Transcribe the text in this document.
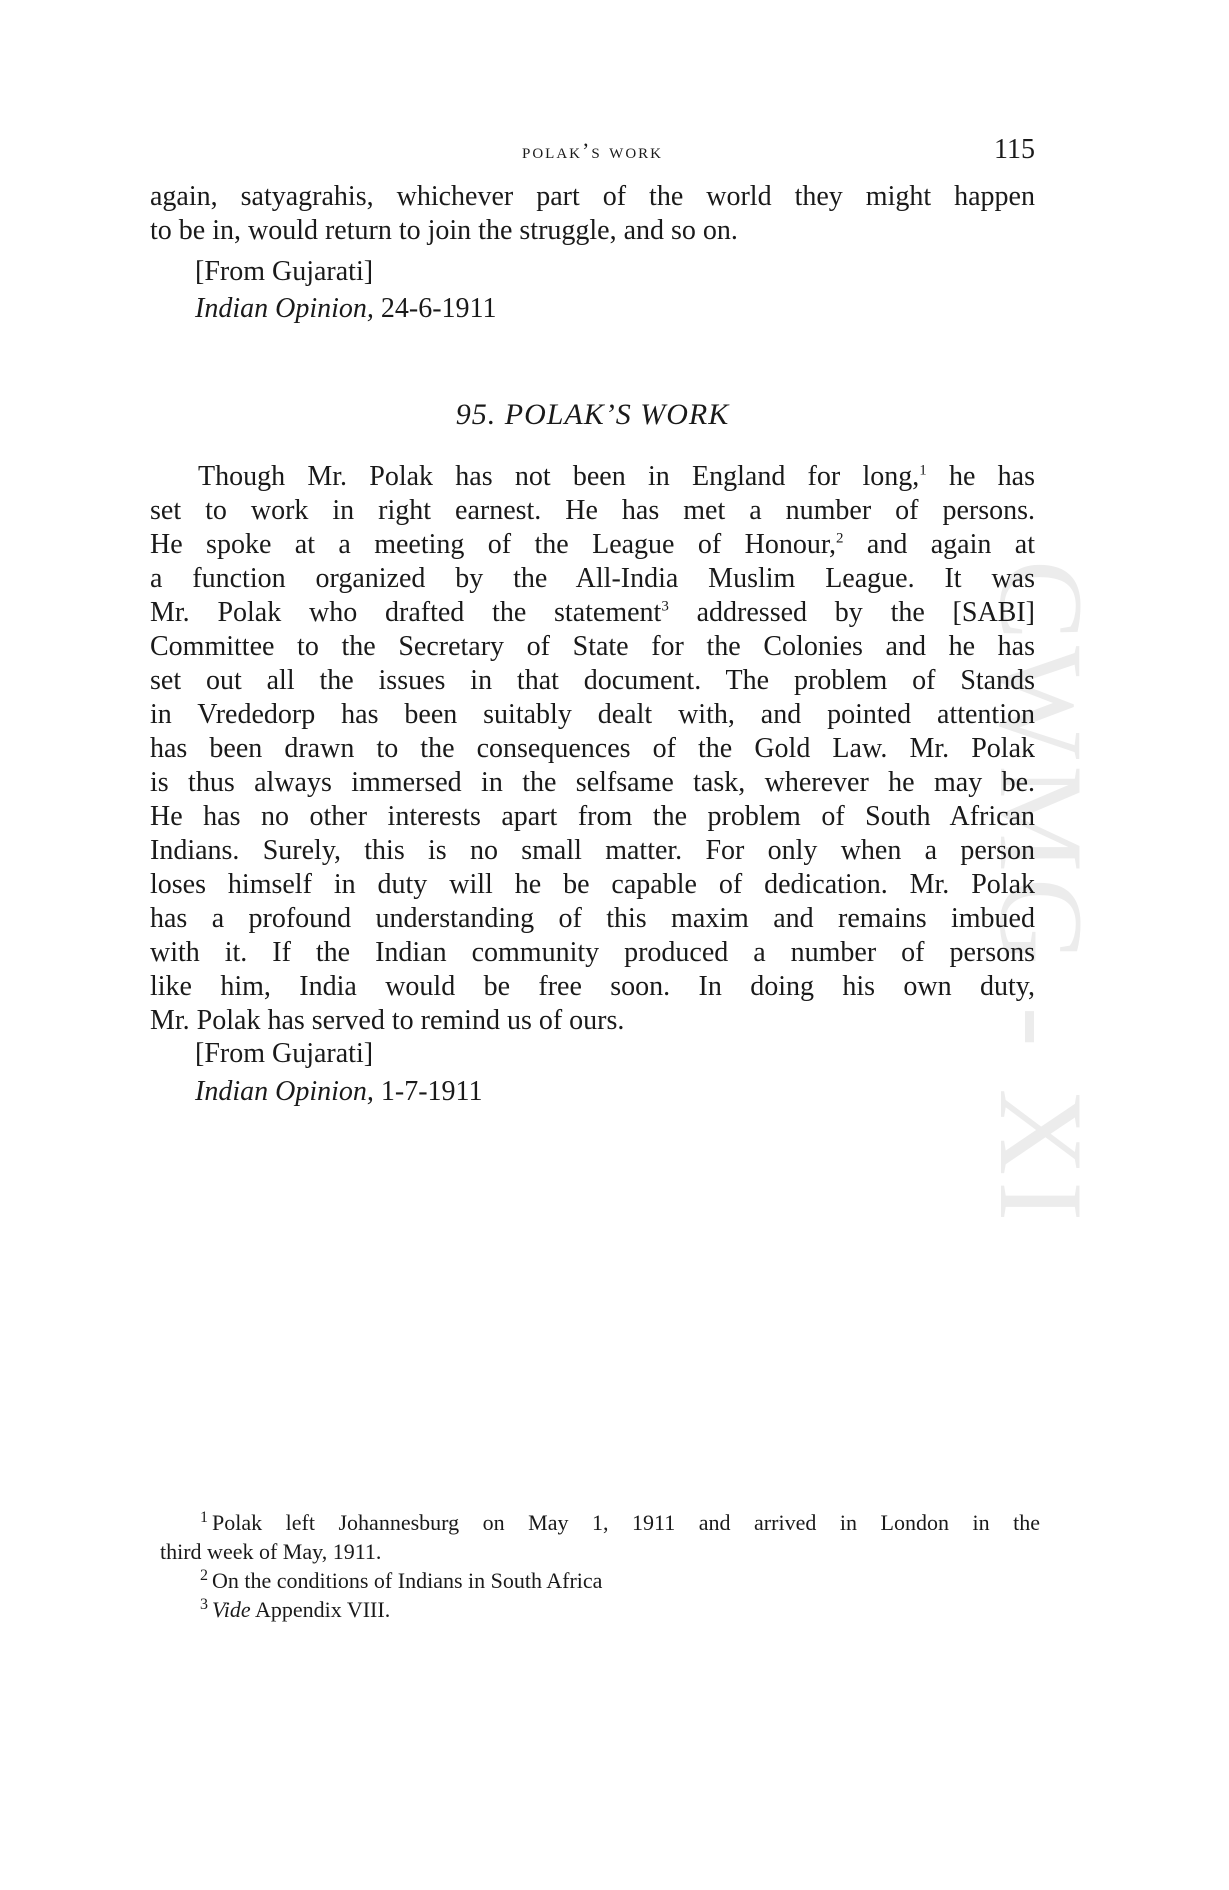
CWMG - XI
polak’s work	115
again, satyagrahis, whichever part of the world they might happen
to be in, would return to join the struggle, and so on.
[From Gujarati]
Indian Opinion, 24-6-1911
95. POLAK’S WORK
Though Mr. Polak has not been in England for long,$^1$ he has
set to work in right earnest. He has met a number of persons.
He spoke at a meeting of the League of Honour,$^2$ and again at
a function organized by the All-India Muslim League. It was
Mr. Polak who drafted the statement$^3$ addressed by the [SABI]
Committee to the Secretary of State for the Colonies and he has
set out all the issues in that document. The problem of Stands
in Vrededorp has been suitably dealt with, and pointed attention
has been drawn to the consequences of the Gold Law. Mr. Polak
is thus always immersed in the selfsame task, wherever he may be.
He has no other interests apart from the problem of South African
Indians. Surely, this is no small matter. For only when a person
loses himself in duty will he be capable of dedication. Mr. Polak
has a profound understanding of this maxim and remains imbued
with it. If the Indian community produced a number of persons
like him, India would be free soon. In doing his own duty,
Mr. Polak has served to remind us of ours.
[From Gujarati]
Indian Opinion, 1-7-1911
$^1$ Polak left Johannesburg on May 1, 1911 and arrived in London in the
third week of May, 1911.
$^2$ On the conditions of Indians in South Africa
$^3$ Vide Appendix VIII.
